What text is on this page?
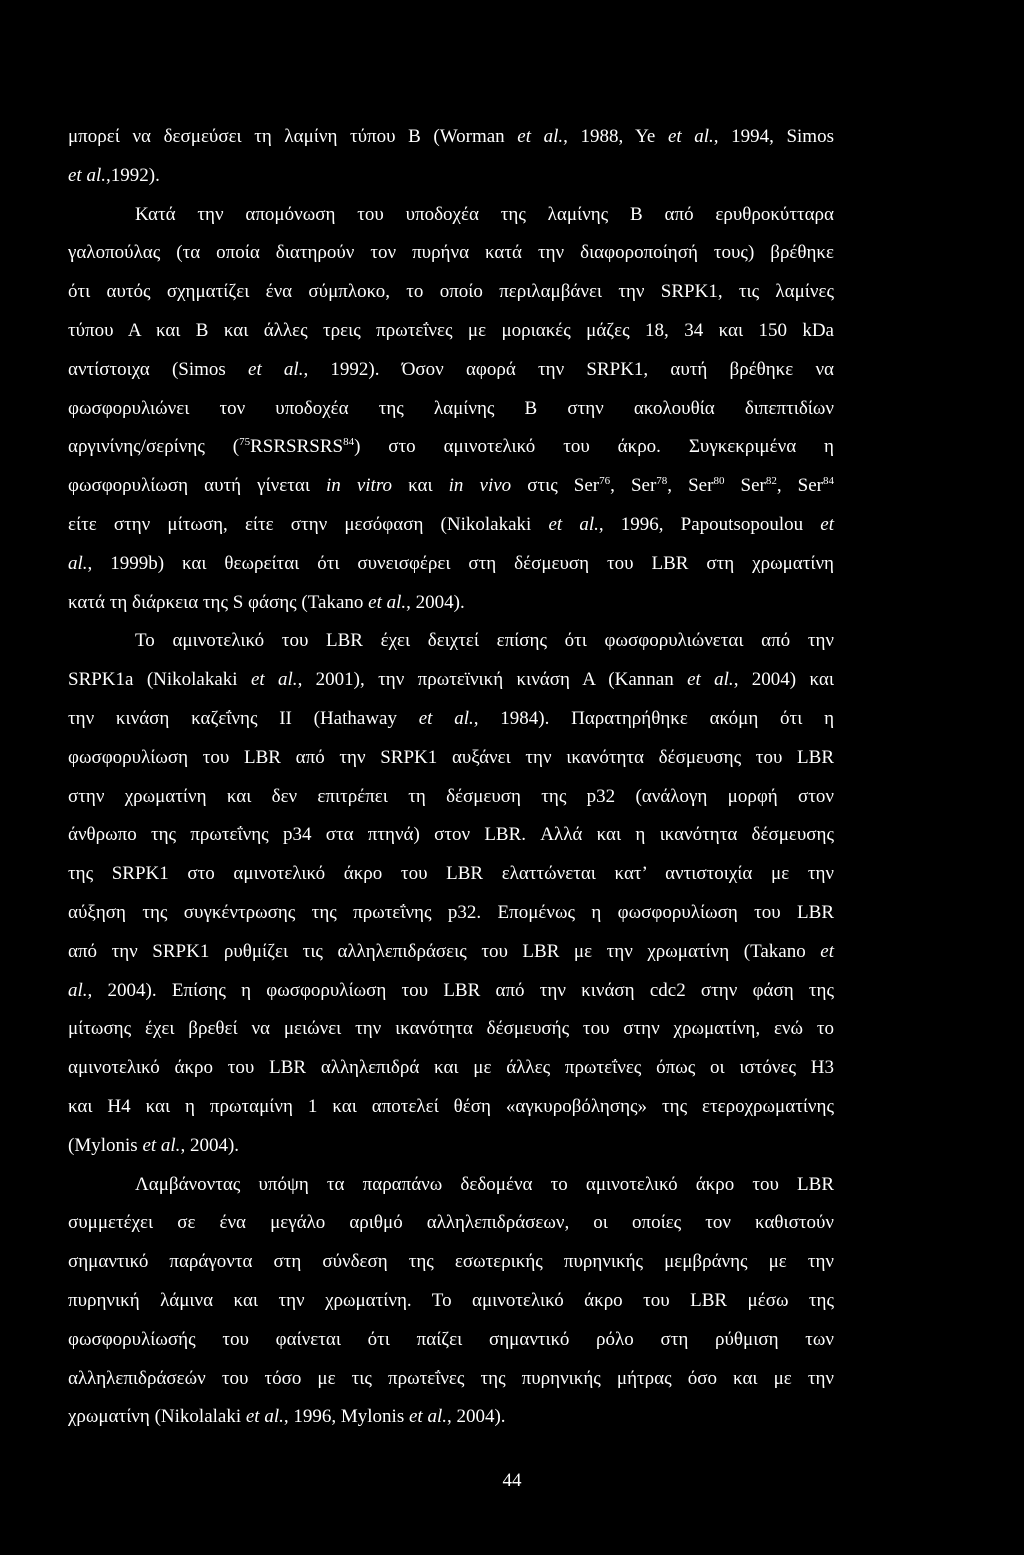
μπορεί να δεσμεύσει τη λαμίνη τύπου Β (Worman et al., 1988, Ye et al., 1994, Simos
et al.,1992).
Κατά την απομόνωση του υποδοχέα της λαμίνης Β από ερυθροκύτταρα
γαλοπούλας (τα οποία διατηρούν τον πυρήνα κατά την διαφοροποίησή τους) βρέθηκε
ότι αυτός σχηματίζει ένα σύμπλοκο, το οποίο περιλαμβάνει την SRPK1, τις λαμίνες
τύπου Α και Β και άλλες τρεις πρωτεΐνες με μοριακές μάζες 18, 34 και 150 kDa
αντίστοιχα (Simos et al., 1992). Όσον αφορά την SRPK1, αυτή βρέθηκε να
φωσφορυλιώνει τον υποδοχέα της λαμίνης Β στην ακολουθία διπεπτιδίων
αργινίνης/σερίνης ($^{75}$RSRSRSRS$^{84}$) στο αμινοτελικό του άκρο. Συγκεκριμένα η
φωσφορυλίωση αυτή γίνεται in vitro και in vivo στις Ser$^{76}$, Ser$^{78}$, Ser$^{80}$ Ser$^{82}$, Ser$^{84}$
είτε στην μίτωση, είτε στην μεσόφαση (Nikolakaki et al., 1996, Papoutsopoulou et
al., 1999b) και θεωρείται ότι συνεισφέρει στη δέσμευση του LBR στη χρωματίνη
κατά τη διάρκεια της S φάσης (Takano et al., 2004).
Το αμινοτελικό του LBR έχει δειχτεί επίσης ότι φωσφορυλιώνεται από την
SRPK1a (Nikolakaki et al., 2001), την πρωτεϊνική κινάση Α (Kannan et al., 2004) και
την κινάση καζεΐνης ΙΙ (Hathaway et al., 1984). Παρατηρήθηκε ακόμη ότι η
φωσφορυλίωση του LBR από την SRPK1 αυξάνει την ικανότητα δέσμευσης του LBR
στην χρωματίνη και δεν επιτρέπει τη δέσμευση της p32 (ανάλογη μορφή στον
άνθρωπο της πρωτεΐνης p34 στα πτηνά) στον LBR. Αλλά και η ικανότητα δέσμευσης
της SRPK1 στο αμινοτελικό άκρο του LBR ελαττώνεται κατ’ αντιστοιχία με την
αύξηση της συγκέντρωσης της πρωτεΐνης p32. Επομένως η φωσφορυλίωση του LBR
από την SRPK1 ρυθμίζει τις αλληλεπιδράσεις του LBR με την χρωματίνη (Takano et
al., 2004). Επίσης η φωσφορυλίωση του LBR από την κινάση cdc2 στην φάση της
μίτωσης έχει βρεθεί να μειώνει την ικανότητα δέσμευσής του στην χρωματίνη, ενώ το
αμινοτελικό άκρο του LBR αλληλεπιδρά και με άλλες πρωτεΐνες όπως οι ιστόνες Η3
και Η4 και η πρωταμίνη 1 και αποτελεί θέση «αγκυροβόλησης» της ετεροχρωματίνης
(Mylonis et al., 2004).
Λαμβάνοντας υπόψη τα παραπάνω δεδομένα το αμινοτελικό άκρο του LBR
συμμετέχει σε ένα μεγάλο αριθμό αλληλεπιδράσεων, οι οποίες τον καθιστούν
σημαντικό παράγοντα στη σύνδεση της εσωτερικής πυρηνικής μεμβράνης με την
πυρηνική λάμινα και την χρωματίνη. Το αμινοτελικό άκρο του LBR μέσω της
φωσφορυλίωσής του φαίνεται ότι παίζει σημαντικό ρόλο στη ρύθμιση των
αλληλεπιδράσεών του τόσο με τις πρωτεΐνες της πυρηνικής μήτρας όσο και με την
χρωματίνη (Nikolalaki et al., 1996, Mylonis et al., 2004).
44
